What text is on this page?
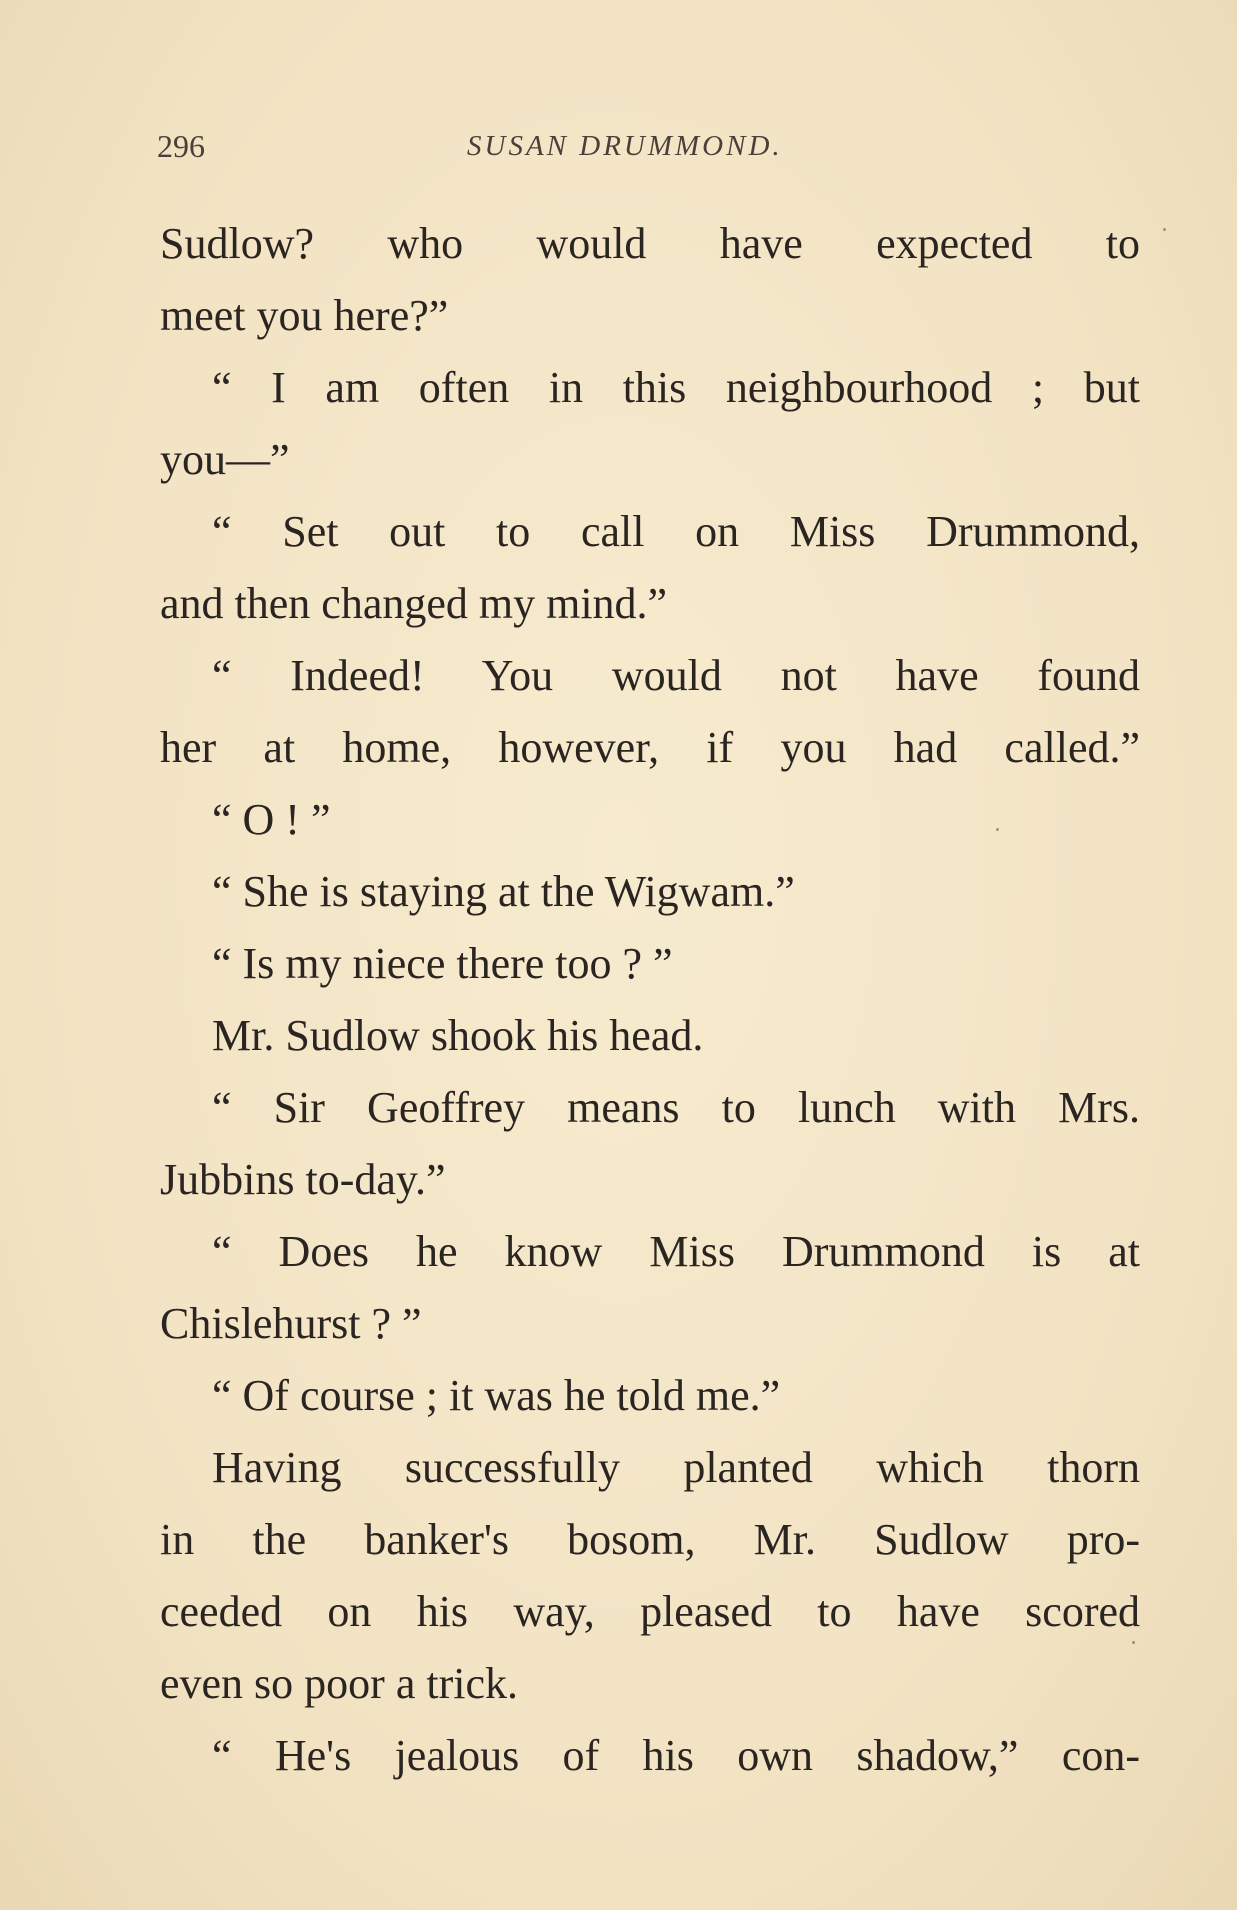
296	SUSAN DRUMMOND.
Sudlow? who would have expected to
meet you here?”
“ I am often in this neighbourhood ; but
you—”
“ Set out to call on Miss Drummond,
and then changed my mind.”
“ Indeed! You would not have found
her at home, however, if you had called.”
“ O ! ”
“ She is staying at the Wigwam.”
“ Is my niece there too ? ”
Mr. Sudlow shook his head.
“ Sir Geoffrey means to lunch with Mrs.
Jubbins to-day.”
“ Does he know Miss Drummond is at
Chislehurst ? ”
“ Of course ; it was he told me.”
Having successfully planted which thorn
in the banker's bosom, Mr. Sudlow pro-
ceeded on his way, pleased to have scored
even so poor a trick.
“ He's jealous of his own shadow,” con-
